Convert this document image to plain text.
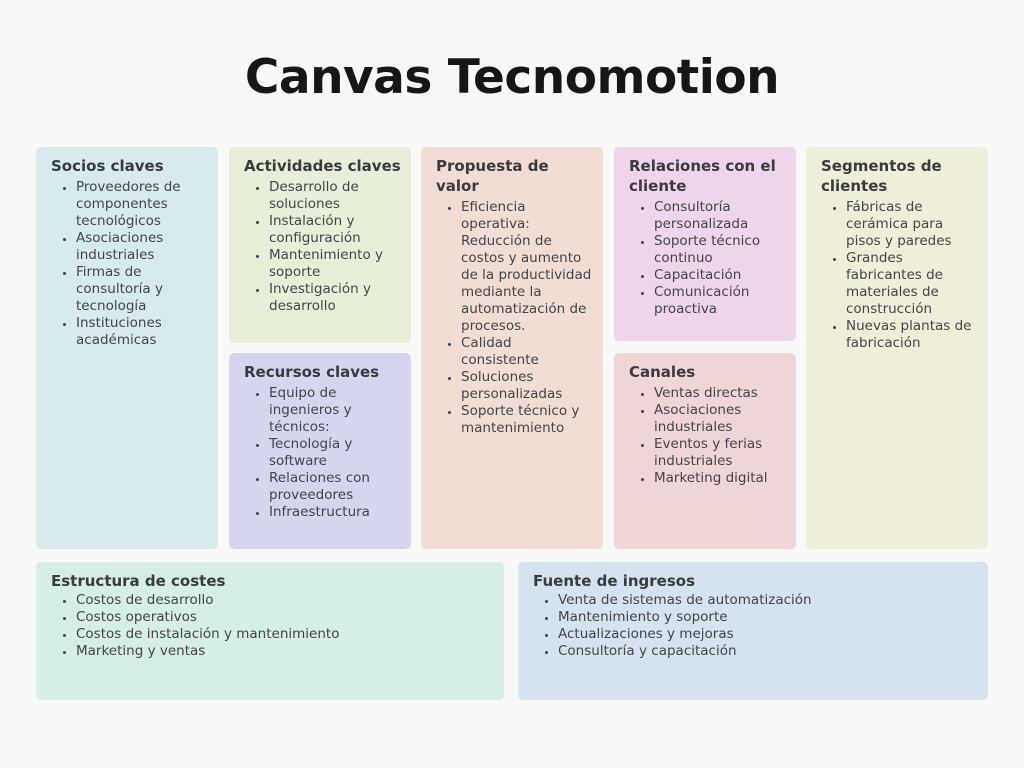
Canvas Tecnomotion
Socios claves
• Proveedores de componentes tecnológicos
• Asociaciones industriales
• Firmas de consultoría y tecnología
• Instituciones académicas
Actividades claves
• Desarrollo de soluciones
• Instalación y configuración
• Mantenimiento y soporte
• Investigación y desarrollo
Recursos claves
• Equipo de ingenieros y técnicos:
• Tecnología y software
• Relaciones con proveedores
• Infraestructura
Propuesta de valor
• Eficiencia operativa: Reducción de costos y aumento de la productividad mediante la automatización de procesos.
• Calidad consistente
• Soluciones personalizadas
• Soporte técnico y mantenimiento
Relaciones con el cliente
• Consultoría personalizada
• Soporte técnico continuo
• Capacitación
• Comunicación proactiva
Canales
• Ventas directas
• Asociaciones industriales
• Eventos y ferias industriales
• Marketing digital
Segmentos de clientes
• Fábricas de cerámica para pisos y paredes
• Grandes fabricantes de materiales de construcción
• Nuevas plantas de fabricación
Estructura de costes
• Costos de desarrollo
• Costos operativos
• Costos de instalación y mantenimiento
• Marketing y ventas
Fuente de ingresos
• Venta de sistemas de automatización
• Mantenimiento y soporte
• Actualizaciones y mejoras
• Consultoría y capacitación
